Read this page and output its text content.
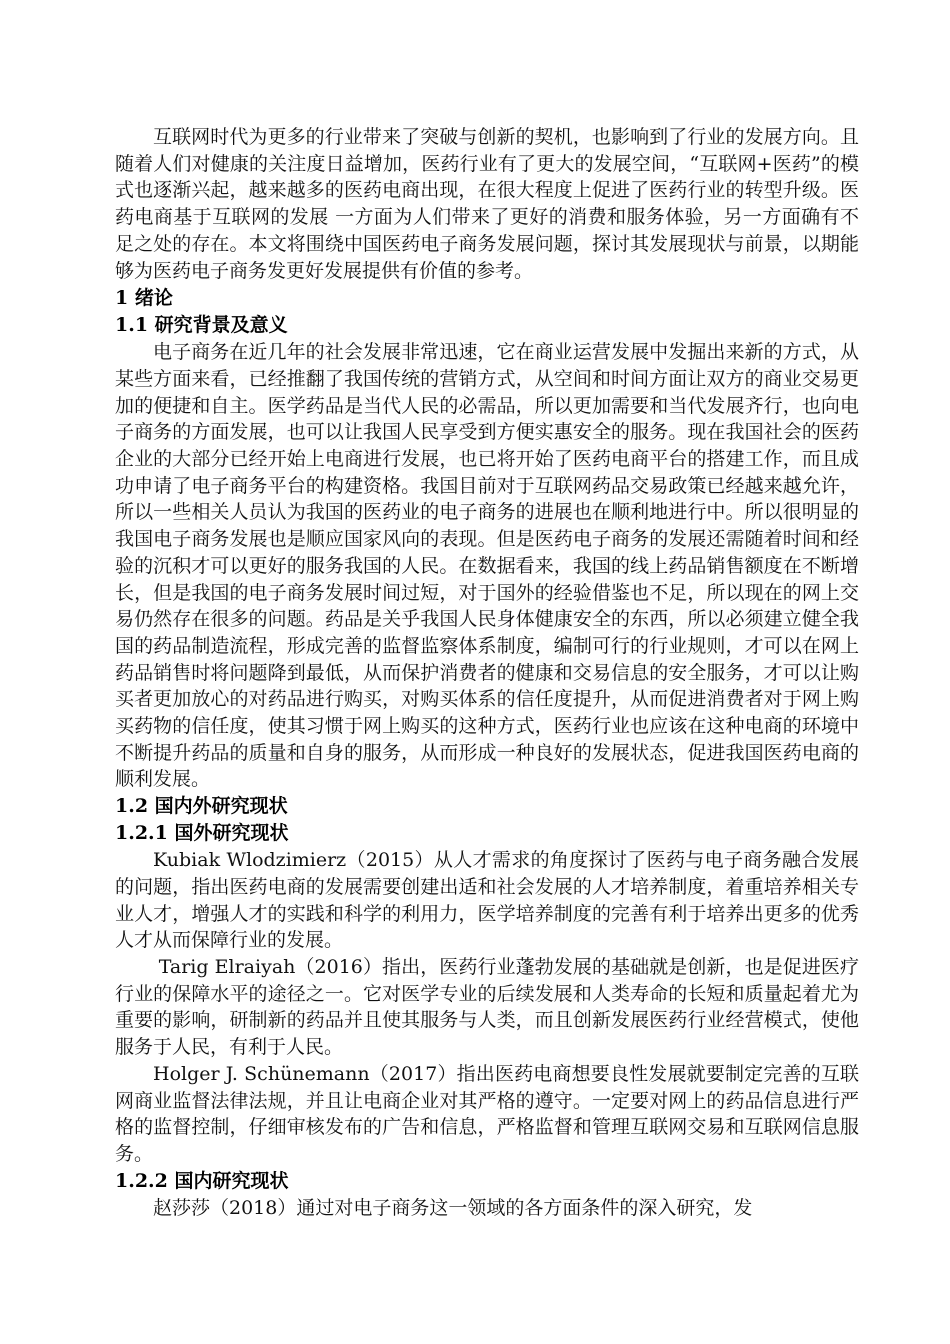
互联网时代为更多的行业带来了突破与创新的契机，也影响到了行业的发展方向。且随着人们对健康的关注度日益增加，医药行业有了更大的发展空间，“互联网+医药”的模式也逐渐兴起，越来越多的医药电商出现，在很大程度上促进了医药行业的转型升级。医药电商基于互联网的发展 一方面为人们带来了更好的消费和服务体验，另一方面确有不足之处的存在。本文将围绕中国医药电子商务发展问题，探讨其发展现状与前景，以期能够为医药电子商务发更好发展提供有价值的参考。

1 绪论
1.1 研究背景及意义

电子商务在近几年的社会发展非常迅速，它在商业运营发展中发掘出来新的方式，从某些方面来看，已经推翻了我国传统的营销方式，从空间和时间方面让双方的商业交易更加的便捷和自主。医学药品是当代人民的必需品，所以更加需要和当代发展齐行，也向电子商务的方面发展，也可以让我国人民享受到方便实惠安全的服务。现在我国社会的医药企业的大部分已经开始上电商进行发展，也已将开始了医药电商平台的搭建工作，而且成功申请了电子商务平台的构建资格。我国目前对于互联网药品交易政策已经越来越允许，所以一些相关人员认为我国的医药业的电子商务的进展也在顺利地进行中。所以很明显的我国电子商务发展也是顺应国家风向的表现。但是医药电子商务的发展还需随着时间和经验的沉积才可以更好的服务我国的人民。在数据看来，我国的线上药品销售额度在不断增长，但是我国的电子商务发展时间过短，对于国外的经验借鉴也不足，所以现在的网上交易仍然存在很多的问题。药品是关乎我国人民身体健康安全的东西，所以必须建立健全我国的药品制造流程，形成完善的监督监察体系制度，编制可行的行业规则，才可以在网上药品销售时将问题降到最低，从而保护消费者的健康和交易信息的安全服务，才可以让购买者更加放心的对药品进行购买，对购买体系的信任度提升，从而促进消费者对于网上购买药物的信任度，使其习惯于网上购买的这种方式，医药行业也应该在这种电商的环境中不断提升药品的质量和自身的服务，从而形成一种良好的发展状态，促进我国医药电商的顺利发展。

1.2 国内外研究现状
1.2.1 国外研究现状

Kubiak Wlodzimierz（2015）从人才需求的角度探讨了医药与电子商务融合发展的问题，指出医药电商的发展需要创建出适和社会发展的人才培养制度，着重培养相关专业人才，增强人才的实践和科学的利用力，医学培养制度的完善有利于培养出更多的优秀人才从而保障行业的发展。

Tarig Elraiyah（2016）指出，医药行业蓬勃发展的基础就是创新，也是促进医疗行业的保障水平的途径之一。它对医学专业的后续发展和人类寿命的长短和质量起着尤为重要的影响，研制新的药品并且使其服务与人类，而且创新发展医药行业经营模式，使他服务于人民，有利于人民。

Holger J. Schünemann（2017）指出医药电商想要良性发展就要制定完善的互联网商业监督法律法规，并且让电商企业对其严格的遵守。一定要对网上的药品信息进行严格的监督控制，仔细审核发布的广告和信息，严格监督和管理互联网交易和互联网信息服务。

1.2.2 国内研究现状

赵莎莎（2018）通过对电子商务这一领域的各方面条件的深入研究，发
